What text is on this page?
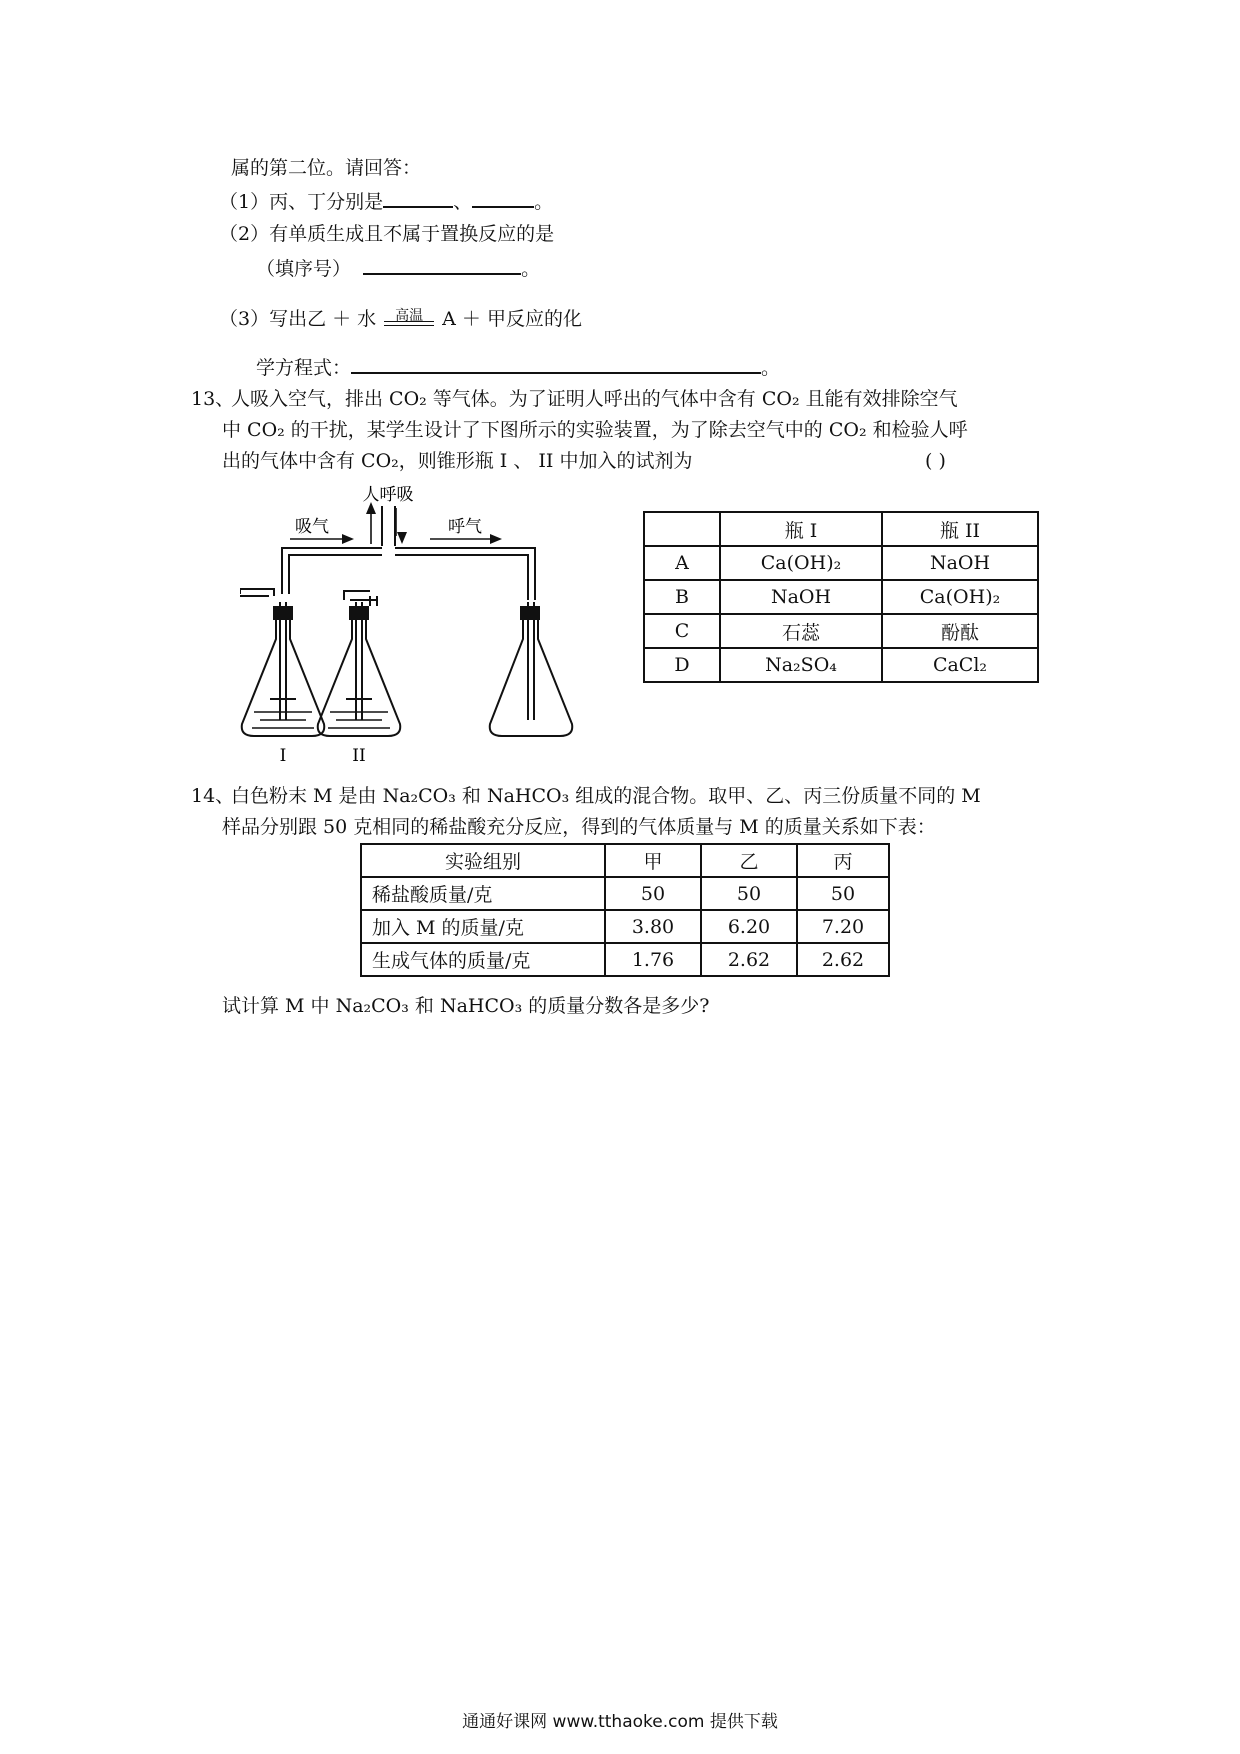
属的第二位。请回答：
（1）丙、丁分别是	、	。
（2）有单质生成且不属于置换反应的是
（填序号）	。
（3）写出乙 ＋ 水	高温	A ＋ 甲反应的化
学方程式：	。
13、
人吸入空气，排出 CO₂ 等气体。为了证明人呼出的气体中含有 CO₂ 且能有效排除空气
中 CO₂ 的干扰，某学生设计了下图所示的实验装置，为了除去空气中的 CO₂ 和检验人呼
出的气体中含有 CO₂，则锥形瓶 I 、 II 中加入的试剂为	( )
人呼吸
吸气	呼气
I	II
	瓶 I	瓶 II
A	Ca(OH)₂	NaOH
B	NaOH	Ca(OH)₂
C	石蕊	酚酞
D	Na₂SO₄	CaCl₂
14、
白色粉末 M 是由 Na₂CO₃ 和 NaHCO₃ 组成的混合物。取甲、乙、丙三份质量不同的 M
样品分别跟 50 克相同的稀盐酸充分反应，得到的气体质量与 M 的质量关系如下表：
实验组别	甲	乙	丙
稀盐酸质量/克	50	50	50
加入 M 的质量/克	3.80	6.20	7.20
生成气体的质量/克	1.76	2.62	2.62
试计算 M 中 Na₂CO₃ 和 NaHCO₃ 的质量分数各是多少?
通通好课网 www.tthaoke.com 提供下载
